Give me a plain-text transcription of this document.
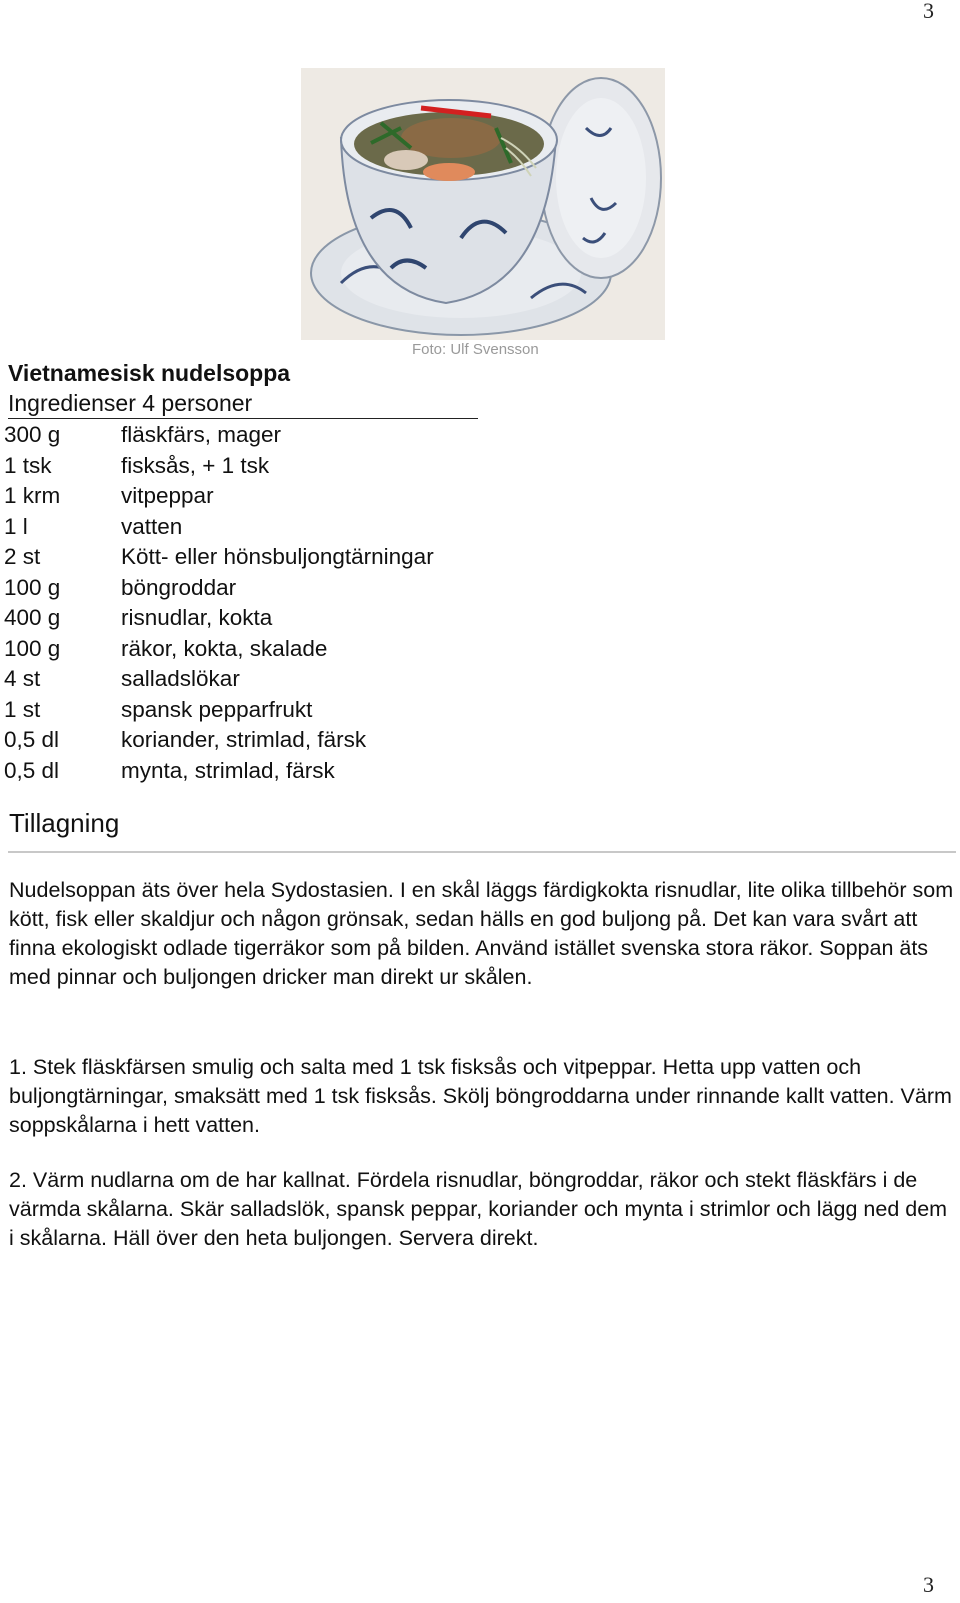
3
Foto: Ulf Svensson
Vietnamesisk nudelsoppa
Ingredienser 4 personer
300 g	fläskfärs, mager
1 tsk	fisksås, + 1 tsk
1 krm	vitpeppar
1 l	vatten
2 st	Kött- eller hönsbuljongtärningar
100 g	böngroddar
400 g	risnudlar, kokta
100 g	räkor, kokta, skalade
4 st	salladslökar
1 st	spansk pepparfrukt
0,5 dl	koriander, strimlad, färsk
0,5 dl	mynta, strimlad, färsk
Tillagning

Nudelsoppan äts över hela Sydostasien. I en skål läggs färdigkokta risnudlar, lite olika tillbehör som kött, fisk eller skaldjur och någon grönsak, sedan hälls en god buljong på. Det kan vara svårt att finna ekologiskt odlade tigerräkor som på bilden. Använd istället svenska stora räkor. Soppan äts med pinnar och buljongen dricker man direkt ur skålen.

1. Stek fläskfärsen smulig och salta med 1 tsk fisksås och vitpeppar. Hetta upp vatten och buljongtärningar, smaksätt med 1 tsk fisksås. Skölj böngroddarna under rinnande kallt vatten. Värm soppskålarna i hett vatten.

2. Värm nudlarna om de har kallnat. Fördela risnudlar, böngroddar, räkor och stekt fläskfärs i de värmda skålarna. Skär salladslök, spansk peppar, koriander och mynta i strimlor och lägg ned dem i skålarna. Häll över den heta buljongen. Servera direkt.

3
